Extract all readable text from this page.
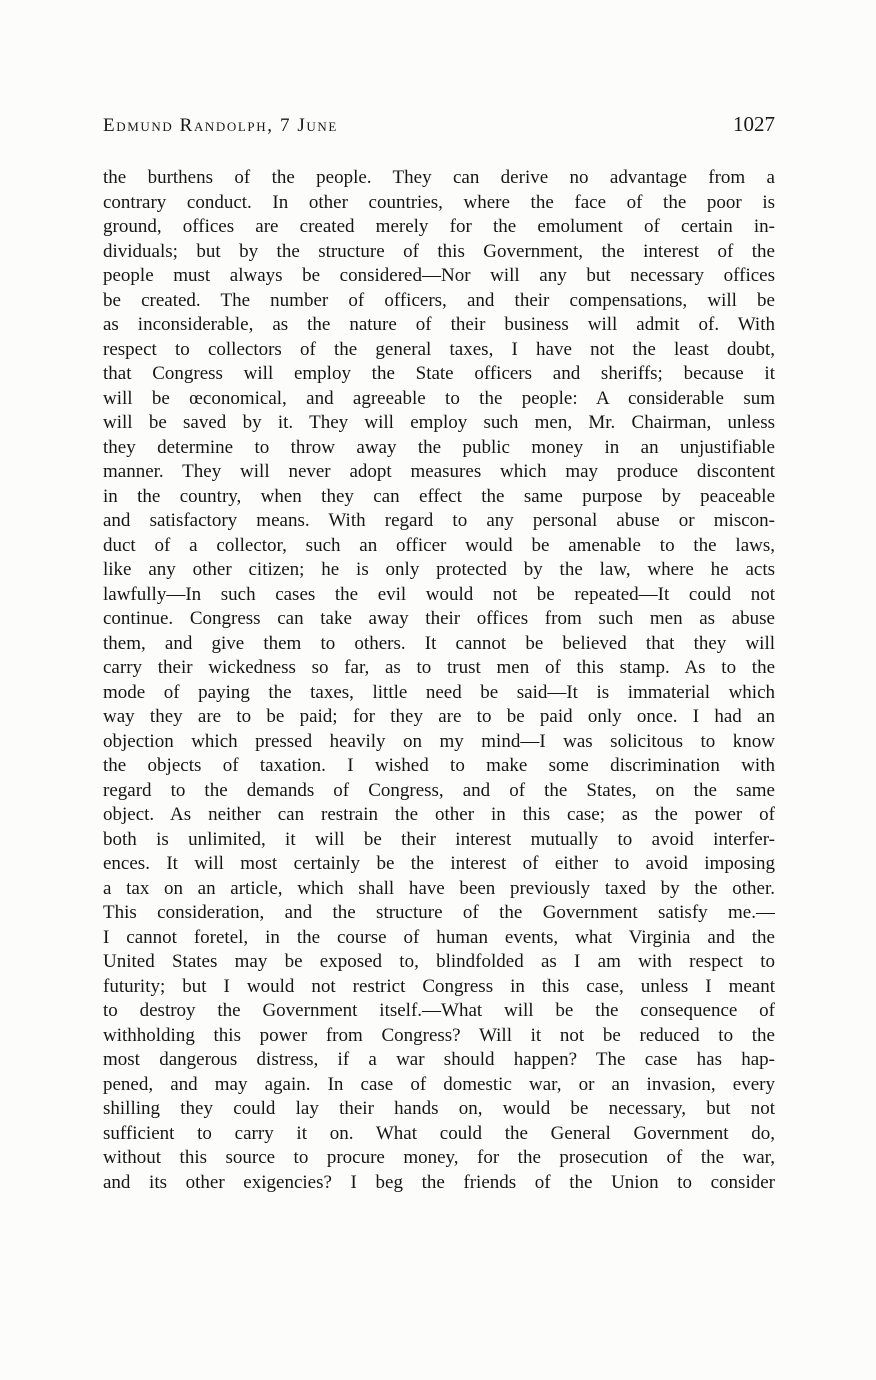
Edmund Randolph, 7 June	1027
the burthens of the people. They can derive no advantage from a
contrary conduct. In other countries, where the face of the poor is
ground, offices are created merely for the emolument of certain in-
dividuals; but by the structure of this Government, the interest of the
people must always be considered—Nor will any but necessary offices
be created. The number of officers, and their compensations, will be
as inconsiderable, as the nature of their business will admit of. With
respect to collectors of the general taxes, I have not the least doubt,
that Congress will employ the State officers and sheriffs; because it
will be œconomical, and agreeable to the people: A considerable sum
will be saved by it. They will employ such men, Mr. Chairman, unless
they determine to throw away the public money in an unjustifiable
manner. They will never adopt measures which may produce discontent
in the country, when they can effect the same purpose by peaceable
and satisfactory means. With regard to any personal abuse or miscon-
duct of a collector, such an officer would be amenable to the laws,
like any other citizen; he is only protected by the law, where he acts
lawfully—In such cases the evil would not be repeated—It could not
continue. Congress can take away their offices from such men as abuse
them, and give them to others. It cannot be believed that they will
carry their wickedness so far, as to trust men of this stamp. As to the
mode of paying the taxes, little need be said—It is immaterial which
way they are to be paid; for they are to be paid only once. I had an
objection which pressed heavily on my mind—I was solicitous to know
the objects of taxation. I wished to make some discrimination with
regard to the demands of Congress, and of the States, on the same
object. As neither can restrain the other in this case; as the power of
both is unlimited, it will be their interest mutually to avoid interfer-
ences. It will most certainly be the interest of either to avoid imposing
a tax on an article, which shall have been previously taxed by the other.
This consideration, and the structure of the Government satisfy me.—
I cannot foretel, in the course of human events, what Virginia and the
United States may be exposed to, blindfolded as I am with respect to
futurity; but I would not restrict Congress in this case, unless I meant
to destroy the Government itself.—What will be the consequence of
withholding this power from Congress? Will it not be reduced to the
most dangerous distress, if a war should happen? The case has hap-
pened, and may again. In case of domestic war, or an invasion, every
shilling they could lay their hands on, would be necessary, but not
sufficient to carry it on. What could the General Government do,
without this source to procure money, for the prosecution of the war,
and its other exigencies? I beg the friends of the Union to consider
